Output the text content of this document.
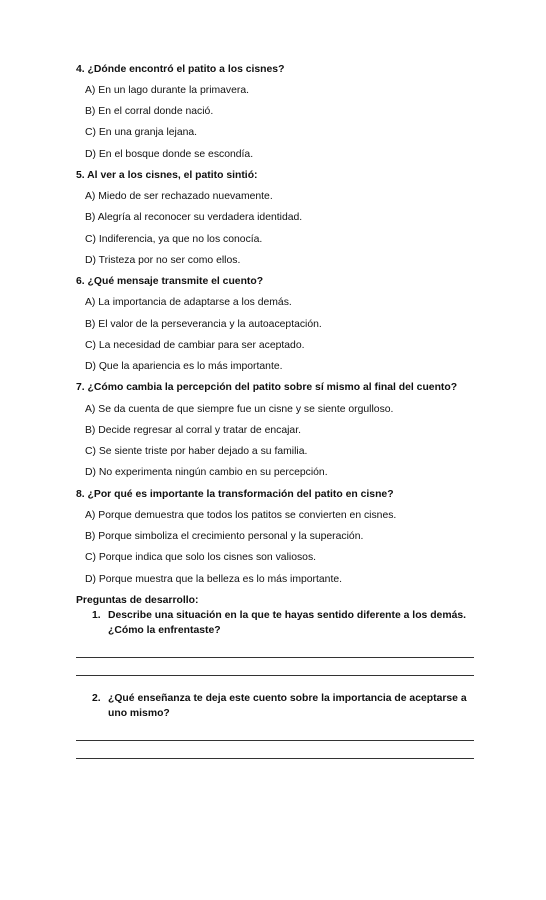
4. ¿Dónde encontró el patito a los cisnes?
A) En un lago durante la primavera.
B) En el corral donde nació.
C) En una granja lejana.
D) En el bosque donde se escondía.
5. Al ver a los cisnes, el patito sintió:
A) Miedo de ser rechazado nuevamente.
B) Alegría al reconocer su verdadera identidad.
C) Indiferencia, ya que no los conocía.
D) Tristeza por no ser como ellos.
6. ¿Qué mensaje transmite el cuento?
A) La importancia de adaptarse a los demás.
B) El valor de la perseverancia y la autoaceptación.
C) La necesidad de cambiar para ser aceptado.
D) Que la apariencia es lo más importante.
7. ¿Cómo cambia la percepción del patito sobre sí mismo al final del cuento?
A) Se da cuenta de que siempre fue un cisne y se siente orgulloso.
B) Decide regresar al corral y tratar de encajar.
C) Se siente triste por haber dejado a su familia.
D) No experimenta ningún cambio en su percepción.
8. ¿Por qué es importante la transformación del patito en cisne?
A) Porque demuestra que todos los patitos se convierten en cisnes.
B) Porque simboliza el crecimiento personal y la superación.
C) Porque indica que solo los cisnes son valiosos.
D) Porque muestra que la belleza es lo más importante.
Preguntas de desarrollo:
1. Describe una situación en la que te hayas sentido diferente a los demás. ¿Cómo la enfrentaste?
2. ¿Qué enseñanza te deja este cuento sobre la importancia de aceptarse a uno mismo?
